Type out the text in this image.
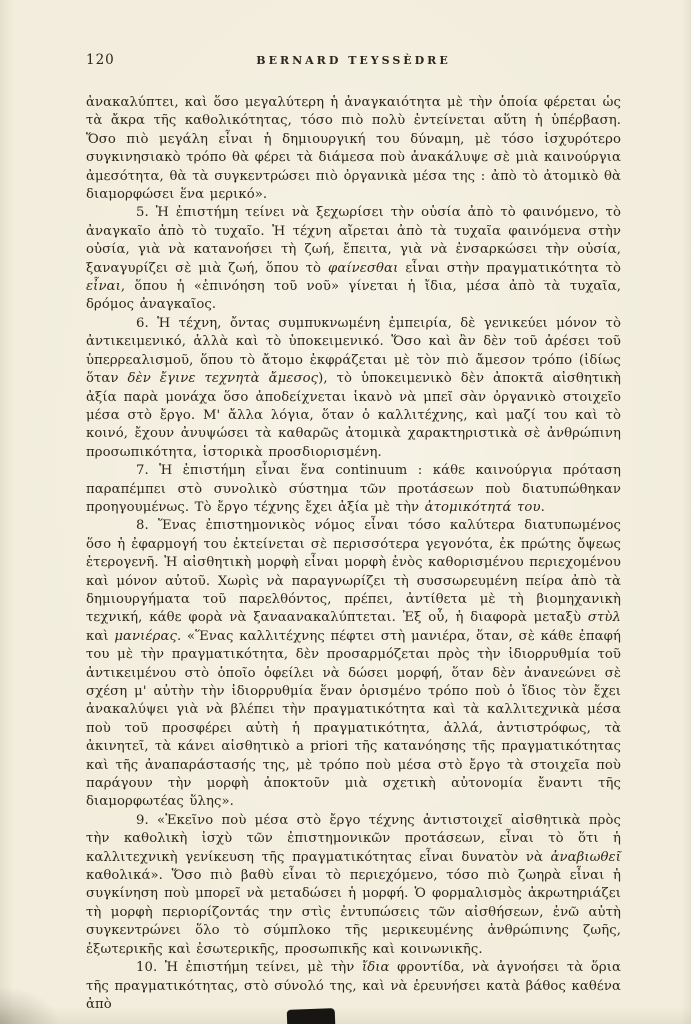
120	BERNARD TEYSSÈDRE

ἀνακαλύπτει, καὶ ὅσο μεγαλύτερη ἡ ἀναγκαιότητα μὲ τὴν ὁποία φέρεται ὡς τὰ ἄκρα τῆς καθολικότητας, τόσο πιὸ πολὺ ἐντείνεται αὕτη ἡ ὑπέρβαση. Ὅσο πιὸ μεγάλη εἶναι ἡ δημιουργική του δύναμη, μὲ τόσο ἰσχυρότερο συγκινησιακὸ τρόπο θὰ φέρει τὰ διάμεσα ποὺ ἀνακάλυψε σὲ μιὰ καινούργια ἀμεσότητα, θὰ τὰ συγκεντρώσει πιὸ ὀργανικὰ μέσα της : ἀπὸ τὸ ἀτομικὸ θὰ διαμορφώσει ἕνα μερικό».

5. Ἡ ἐπιστήμη τείνει νὰ ξεχωρίσει τὴν οὐσία ἀπὸ τὸ φαινόμενο, τὸ ἀναγκαῖο ἀπὸ τὸ τυχαῖο. Ἡ τέχνη αἴρεται ἀπὸ τὰ τυχαῖα φαινόμενα στὴν οὐσία, γιὰ νὰ κατανοήσει τὴ ζωή, ἔπειτα, γιὰ νὰ ἐνσαρκώσει τὴν οὐσία, ξαναγυρίζει σὲ μιὰ ζωή, ὅπου τὸ φαίνεσθαι εἶναι στὴν πραγματικότητα τὸ εἶναι, ὅπου ἡ «ἐπινόηση τοῦ νοῦ» γίνεται ἡ ἴδια, μέσα ἀπὸ τὰ τυχαῖα, δρόμος ἀναγκαῖος.

6. Ἡ τέχνη, ὄντας συμπυκνωμένη ἐμπειρία, δὲ γενικεύει μόνον τὸ ἀντικειμενικό, ἀλλὰ καὶ τὸ ὑποκειμενικό. Ὅσο καὶ ἂν δὲν τοῦ ἀρέσει τοῦ ὑπερρεαλισμοῦ, ὅπου τὸ ἄτομο ἐκφράζεται μὲ τὸν πιὸ ἄμεσον τρόπο (ἰδίως ὅταν δὲν ἔγινε τεχνητὰ ἄμεσος), τὸ ὑποκειμενικὸ δὲν ἀποκτᾶ αἰσθητικὴ ἀξία παρὰ μονάχα ὅσο ἀποδείχνεται ἱκανὸ νὰ μπεῖ σὰν ὀργανικὸ στοιχεῖο μέσα στὸ ἔργο. Μ' ἄλλα λόγια, ὅταν ὁ καλλιτέχνης, καὶ μαζί του καὶ τὸ κοινό, ἔχουν ἀνυψώσει τὰ καθαρῶς ἀτομικὰ χαρακτηριστικὰ σὲ ἀνθρώπινη προσωπικότητα, ἱστορικὰ προσδιορισμένη.

7. Ἡ ἐπιστήμη εἶναι ἕνα continuum : κάθε καινούργια πρόταση παραπέμπει στὸ συνολικὸ σύστημα τῶν προτάσεων ποὺ διατυπώθηκαν προηγουμένως. Τὸ ἔργο τέχνης ἔχει ἀξία μὲ τὴν ἀτομικότητά του.

8. Ἕνας ἐπιστημονικὸς νόμος εἶναι τόσο καλύτερα διατυπωμένος ὅσο ἡ ἐφαρμογή του ἐκτείνεται σὲ περισσότερα γεγονότα, ἐκ πρώτης ὄψεως ἑτερογενῆ. Ἡ αἰσθητικὴ μορφὴ εἶναι μορφὴ ἑνὸς καθορισμένου περιεχομένου καὶ μόνον αὐτοῦ. Χωρὶς νὰ παραγνωρίζει τὴ συσσωρευμένη πείρα ἀπὸ τὰ δημιουργήματα τοῦ παρελθόντος, πρέπει, ἀντίθετα μὲ τὴ βιομηχανικὴ τεχνική, κάθε φορὰ νὰ ξαναανακαλύπτεται. Ἐξ οὗ, ἡ διαφορὰ μεταξὺ στὺλ καὶ μανιέρας. «Ἕνας καλλιτέχνης πέφτει στὴ μανιέρα, ὅταν, σὲ κάθε ἐπαφή του μὲ τὴν πραγματικότητα, δὲν προσαρμόζεται πρὸς τὴν ἰδιορρυθμία τοῦ ἀντικειμένου στὸ ὁποῖο ὀφείλει νὰ δώσει μορφή, ὅταν δὲν ἀνανεώνει σὲ σχέση μ' αὐτὴν τὴν ἰδιορρυθμία ἕναν ὁρισμένο τρόπο ποὺ ὁ ἴδιος τὸν ἔχει ἀνακαλύψει γιὰ νὰ βλέπει τὴν πραγματικότητα καὶ τὰ καλλιτεχνικὰ μέσα ποὺ τοῦ προσφέρει αὐτὴ ἡ πραγματικότητα, ἀλλά, ἀντιστρόφως, τὰ ἀκινητεῖ, τὰ κάνει αἰσθητικὸ a priori τῆς κατανόησης τῆς πραγματικότητας καὶ τῆς ἀναπαράστασής της, μὲ τρόπο ποὺ μέσα στὸ ἔργο τὰ στοιχεῖα ποὺ παράγουν τὴν μορφὴ ἀποκτοῦν μιὰ σχετικὴ αὐτονομία ἔναντι τῆς διαμορφωτέας ὕλης».

9. «Ἐκεῖνο ποὺ μέσα στὸ ἔργο τέχνης ἀντιστοιχεῖ αἰσθητικὰ πρὸς τὴν καθολικὴ ἰσχὺ τῶν ἐπιστημονικῶν προτάσεων, εἶναι τὸ ὅτι ἡ καλλιτεχνικὴ γενίκευση τῆς πραγματικότητας εἶναι δυνατὸν νὰ ἀναβιωθεῖ καθολικά». Ὅσο πιὸ βαθὺ εἶναι τὸ περιεχόμενο, τόσο πιὸ ζωηρὰ εἶναι ἡ συγκίνηση ποὺ μπορεῖ νὰ μεταδώσει ἡ μορφή. Ὁ φορμαλισμὸς ἀκρωτηριάζει τὴ μορφὴ περιορίζοντάς την στὶς ἐντυπώσεις τῶν αἰσθήσεων, ἐνῶ αὐτὴ συγκεντρώνει ὅλο τὸ σύμπλοκο τῆς μερικευμένης ἀνθρώπινης ζωῆς, ἐξωτερικῆς καὶ ἐσωτερικῆς, προσωπικῆς καὶ κοινωνικῆς.

10. Ἡ ἐπιστήμη τείνει, μὲ τὴν ἴδια φροντίδα, νὰ ἀγνοήσει τὰ ὅρια τῆς πραγματικότητας, στὸ σύνολό της, καὶ νὰ ἐρευνήσει κατὰ βάθος καθένα ἀπὸ
